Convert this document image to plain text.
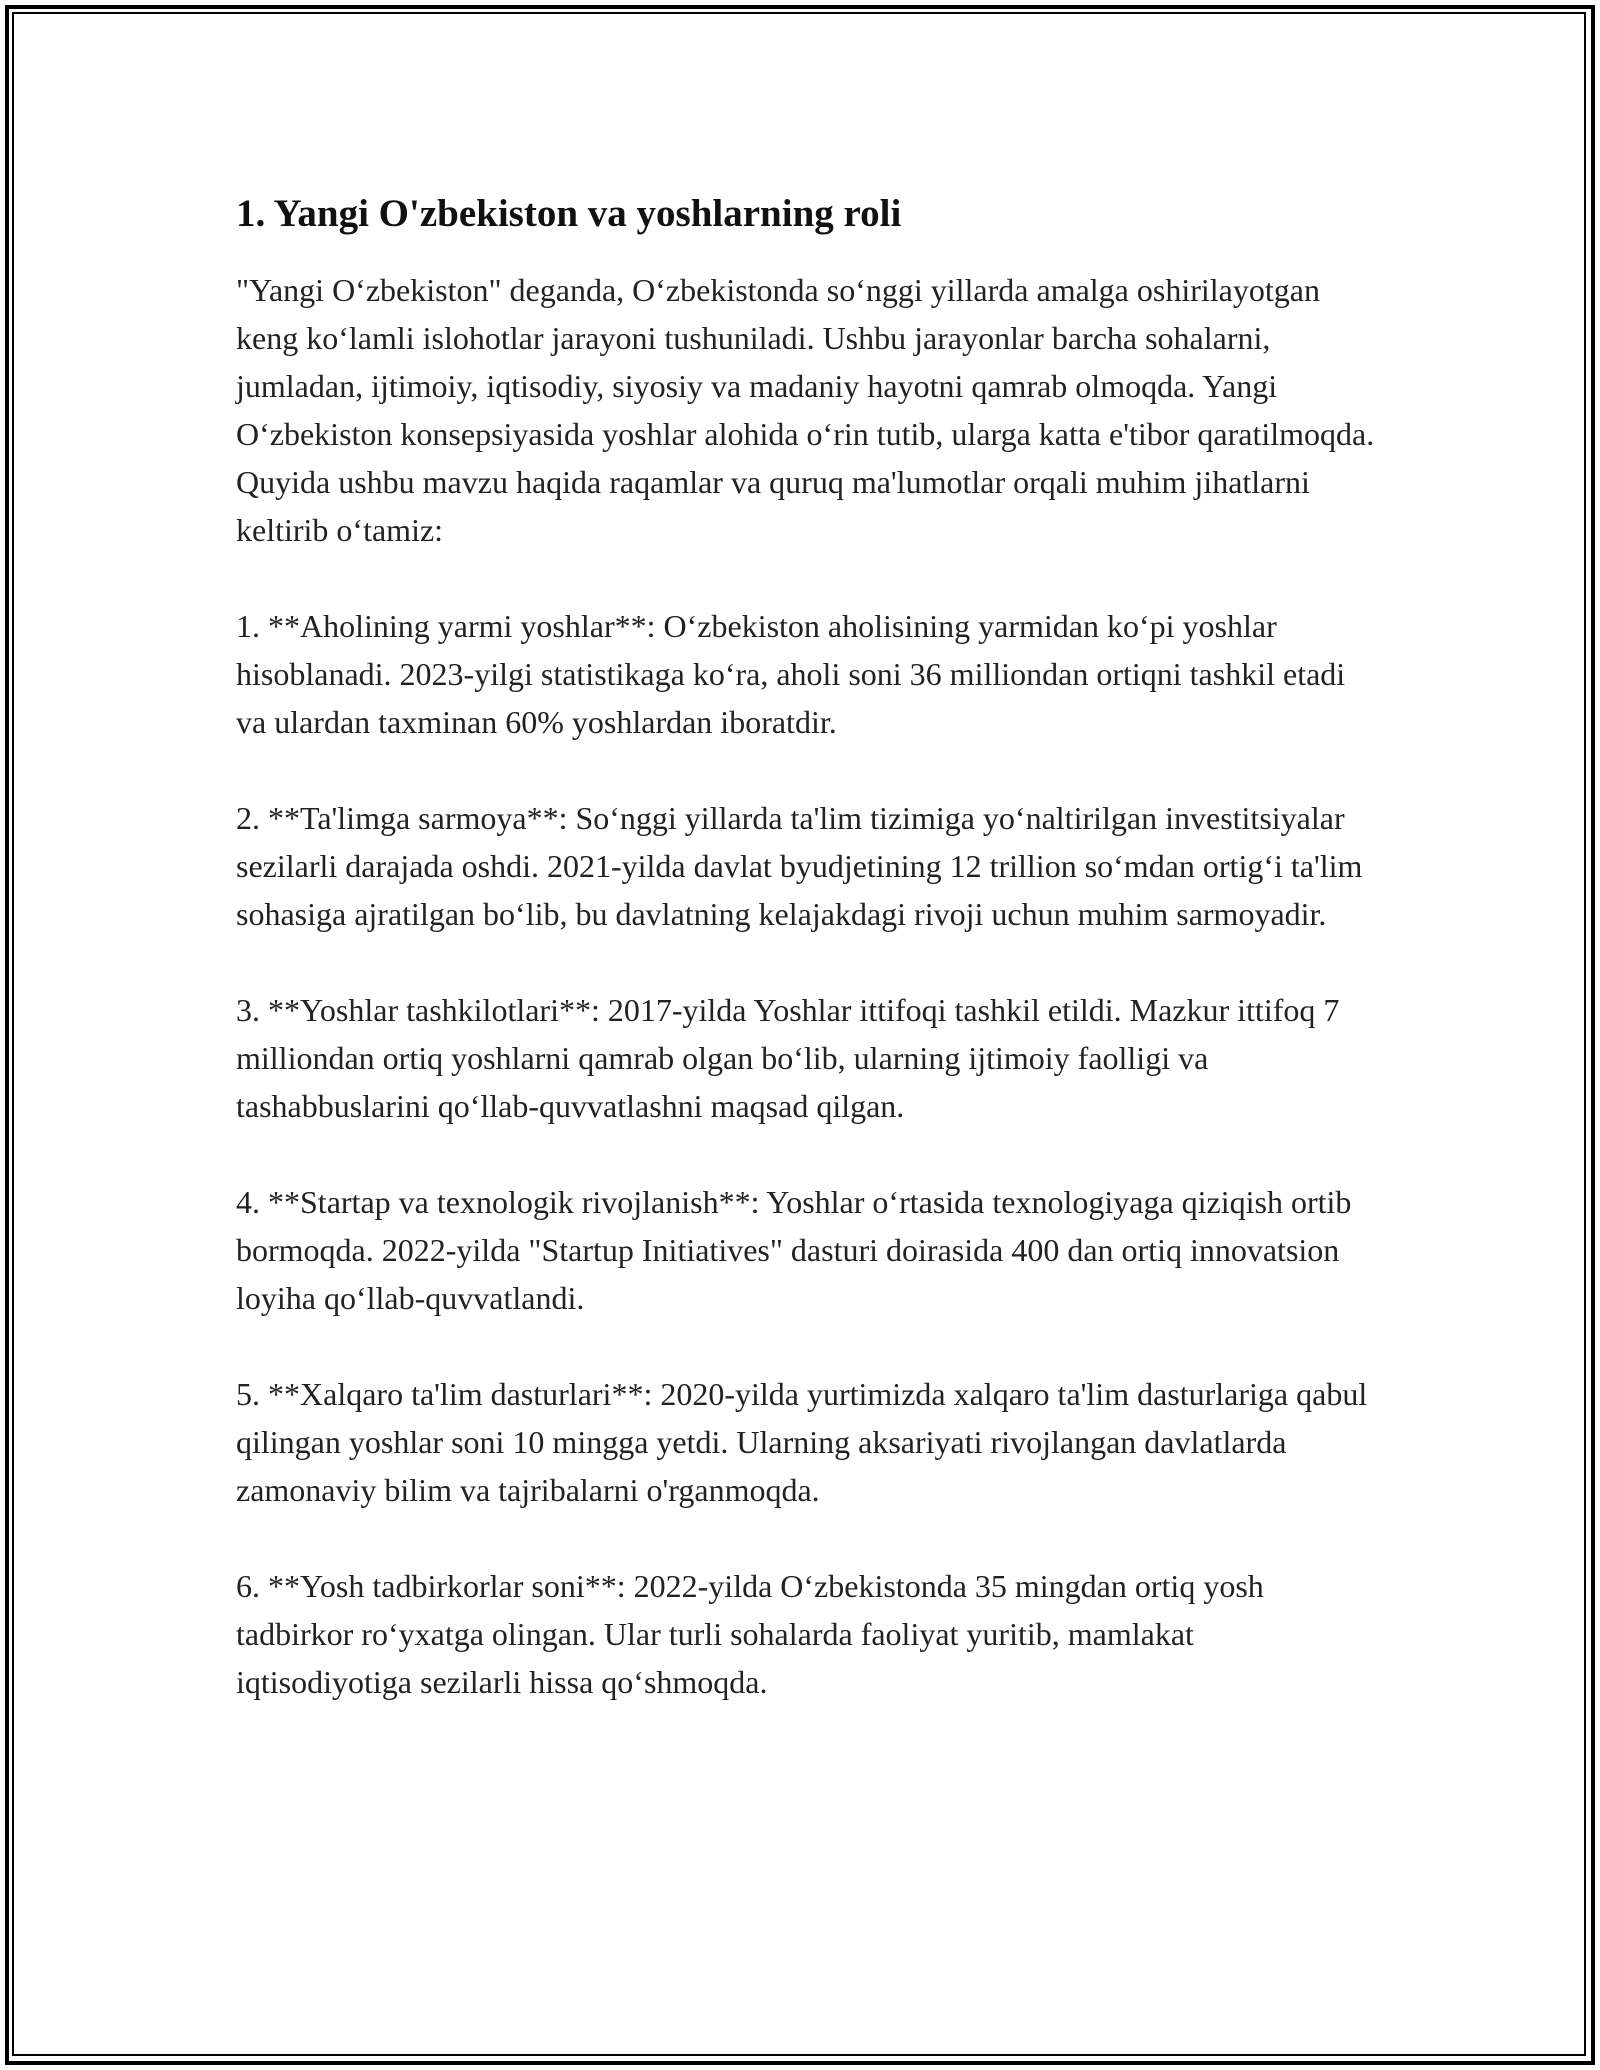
1. Yangi O'zbekiston va yoshlarning roli

"Yangi O‘zbekiston" deganda, O‘zbekistonda so‘nggi yillarda amalga oshirilayotgan keng ko‘lamli islohotlar jarayoni tushuniladi. Ushbu jarayonlar barcha sohalarni, jumladan, ijtimoiy, iqtisodiy, siyosiy va madaniy hayotni qamrab olmoqda. Yangi O‘zbekiston konsepsiyasida yoshlar alohida o‘rin tutib, ularga katta e'tibor qaratilmoqda. Quyida ushbu mavzu haqida raqamlar va quruq ma'lumotlar orqali muhim jihatlarni keltirib o‘tamiz:

1. **Aholining yarmi yoshlar**: O‘zbekiston aholisining yarmidan ko‘pi yoshlar hisoblanadi. 2023-yilgi statistikaga ko‘ra, aholi soni 36 milliondan ortiqni tashkil etadi va ulardan taxminan 60% yoshlardan iboratdir.

2. **Ta'limga sarmoya**: So‘nggi yillarda ta'lim tizimiga yo‘naltirilgan investitsiyalar sezilarli darajada oshdi. 2021-yilda davlat byudjetining 12 trillion so‘mdan ortig‘i ta'lim sohasiga ajratilgan bo‘lib, bu davlatning kelajakdagi rivoji uchun muhim sarmoyadir.

3. **Yoshlar tashkilotlari**: 2017-yilda Yoshlar ittifoqi tashkil etildi. Mazkur ittifoq 7 milliondan ortiq yoshlarni qamrab olgan bo‘lib, ularning ijtimoiy faolligi va tashabbuslarini qo‘llab-quvvatlashni maqsad qilgan.

4. **Startap va texnologik rivojlanish**: Yoshlar o‘rtasida texnologiyaga qiziqish ortib bormoqda. 2022-yilda "Startup Initiatives" dasturi doirasida 400 dan ortiq innovatsion loyiha qo‘llab-quvvatlandi.

5. **Xalqaro ta'lim dasturlari**: 2020-yilda yurtimizda xalqaro ta'lim dasturlariga qabul qilingan yoshlar soni 10 mingga yetdi. Ularning aksariyati rivojlangan davlatlarda zamonaviy bilim va tajribalarni o'rganmoqda.

6. **Yosh tadbirkorlar soni**: 2022-yilda O‘zbekistonda 35 mingdan ortiq yosh tadbirkor ro‘yxatga olingan. Ular turli sohalarda faoliyat yuritib, mamlakat iqtisodiyotiga sezilarli hissa qo‘shmoqda.
